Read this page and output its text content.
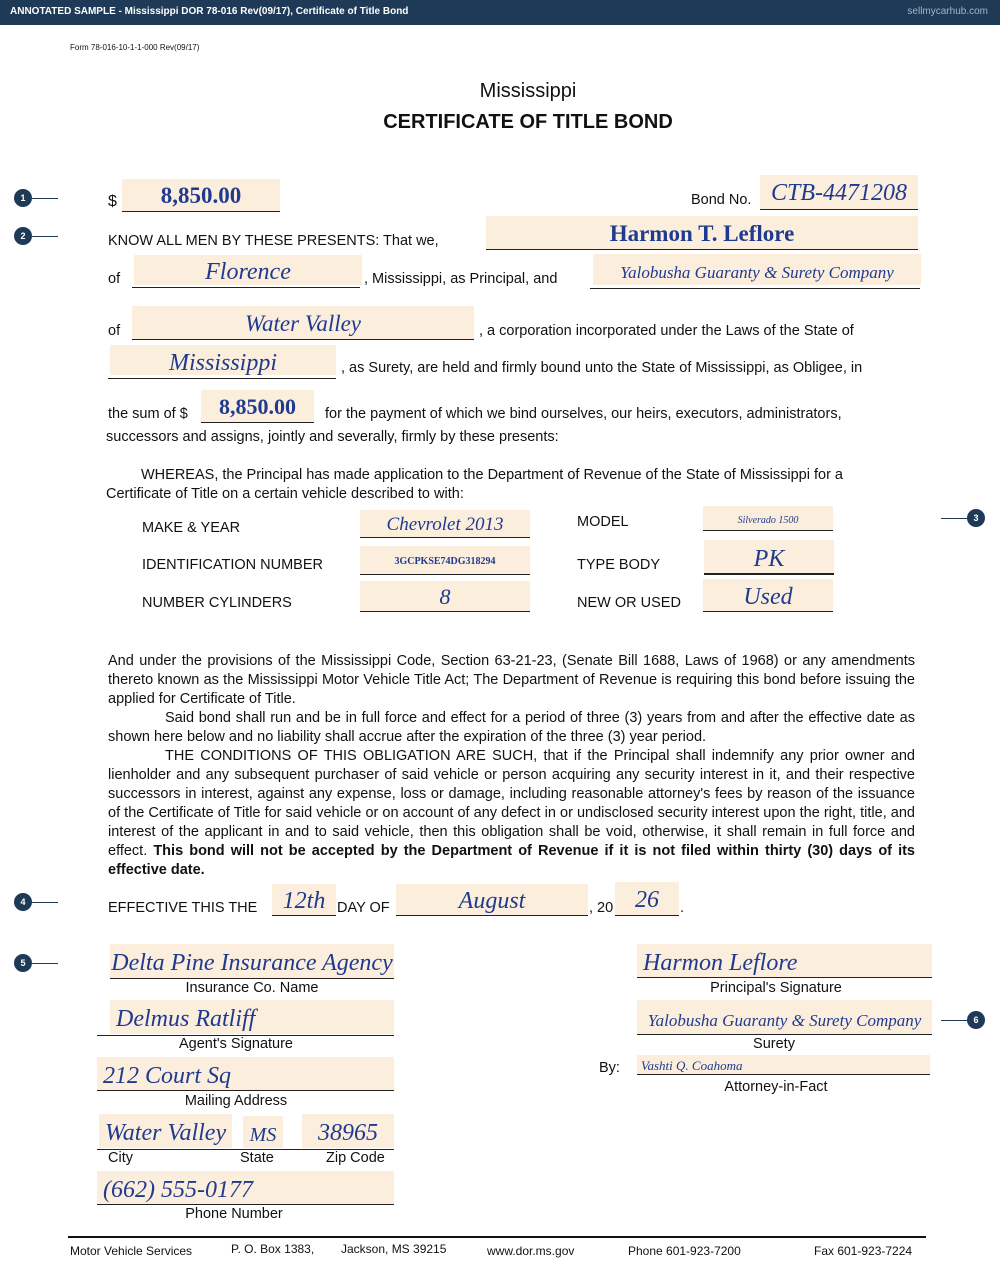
ANNOTATED SAMPLE - Mississippi DOR 78-016 Rev(09/17), Certificate of Title Bond	sellmycarhub.com
Form 78-016-10-1-1-000 Rev(09/17)
Mississippi
CERTIFICATE OF TITLE BOND
1
2
3
4
5
6
$	8,850.00	Bond No. CTB-4471208
KNOW ALL MEN BY THESE PRESENTS: That we,	Harmon T. Leflore
of	Florence	, Mississippi, as Principal, and	Yalobusha Guaranty & Surety Company
of	Water Valley	, a corporation incorporated under the Laws of the State of
Mississippi	, as Surety, are held and firmly bound unto the State of Mississippi, as Obligee, in
the sum of $	8,850.00	for the payment of which we bind ourselves, our heirs, executors, administrators,
successors and assigns, jointly and severally, firmly by these presents:
WHEREAS, the Principal has made application to the Department of Revenue of the State of Mississippi for a
Certificate of Title on a certain vehicle described to with:
MAKE & YEAR	Chevrolet 2013	MODEL	Silverado 1500
IDENTIFICATION NUMBER	3GCPKSE74DG318294	TYPE BODY	PK
NUMBER CYLINDERS	8	NEW OR USED	Used
And under the provisions of the Mississippi Code, Section 63-21-23, (Senate Bill 1688, Laws of 1968) or any amendments thereto known as the Mississippi Motor Vehicle Title Act; The Department of Revenue is requiring this bond before issuing the applied for Certificate of Title.
Said bond shall run and be in full force and effect for a period of three (3) years from and after the effective date as shown here below and no liability shall accrue after the expiration of the three (3) year period.
THE CONDITIONS OF THIS OBLIGATION ARE SUCH, that if the Principal shall indemnify any prior owner and lienholder and any subsequent purchaser of said vehicle or person acquiring any security interest in it, and their respective successors in interest, against any expense, loss or damage, including reasonable attorney's fees by reason of the issuance of the Certificate of Title for said vehicle or on account of any defect in or undisclosed security interest upon the right, title, and interest of the applicant in and to said vehicle, then this obligation shall be void, otherwise, it shall remain in full force and effect. This bond will not be accepted by the Department of Revenue if it is not filed within thirty (30) days of its effective date.
EFFECTIVE THIS THE	12th DAY OF	August	, 20 26	.
Delta Pine Insurance Agency
Insurance Co. Name
Delmus Ratliff
Agent's Signature
212 Court Sq
Mailing Address
Water Valley	MS	38965
City	State	Zip Code
(662) 555-0177
Phone Number
Harmon Leflore
Principal's Signature
Yalobusha Guaranty & Surety Company
Surety
By:	Vashti Q. Coahoma
Attorney-in-Fact
Motor Vehicle Services	P. O. Box 1383, Jackson, MS 39215	www.dor.ms.gov	Phone 601-923-7200	Fax 601-923-7224
